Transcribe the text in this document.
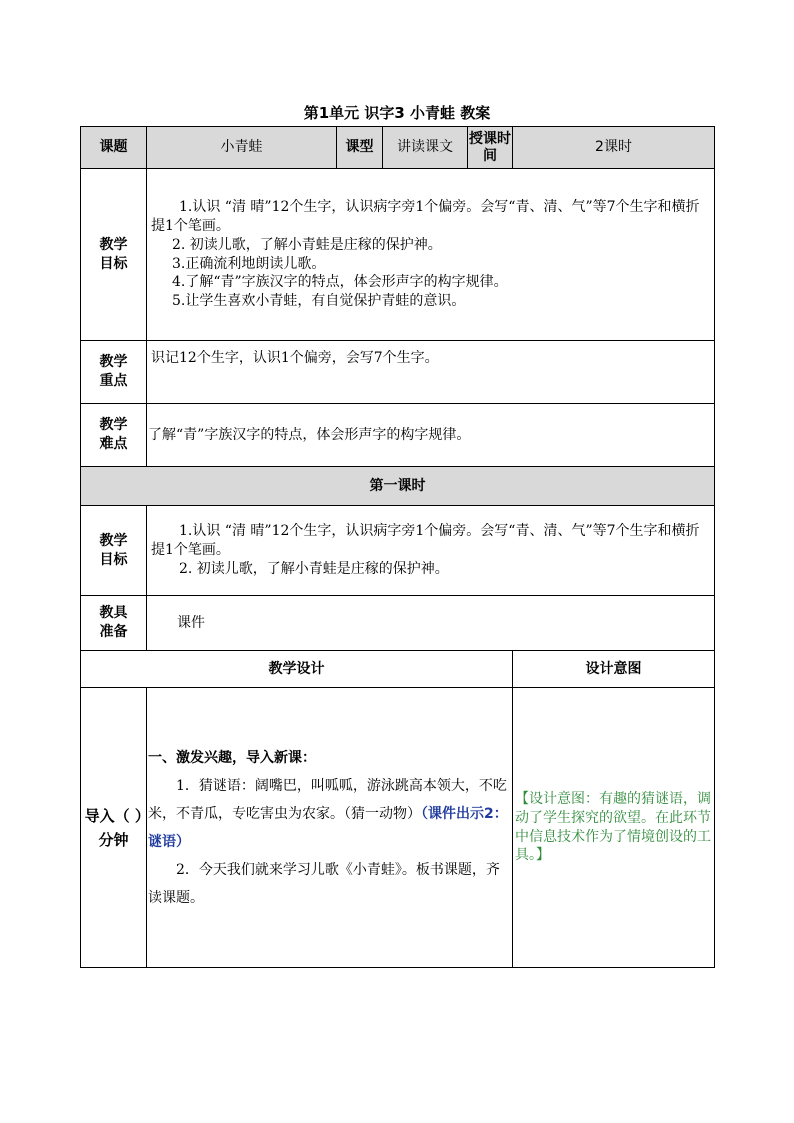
第1单元 识字3 小青蛙 教案
课题	小青蛙	课型	讲读课文	授课时间	2课时

教学目标	1.认识 “清 晴”12个生字，认识病字旁1个偏旁。会写“青、清、气”等7个生字和横折提1个笔画。

2. 初读儿歌，了解小青蛙是庄稼的保护神。

3.正确流利地朗读儿歌。

4.了解“青”字族汉字的特点，体会形声字的构字规律。

5.让学生喜欢小青蛙，有自觉保护青蛙的意识。				

教学重点	识记12个生字，认识1个偏旁，会写7个生字。				

教学难点	了解“青”字族汉字的特点，体会形声字的构字规律。				
第一课时					

教学目标	1.认识 “清 晴”12个生字，认识病字旁1个偏旁。会写“青、清、气”等7个生字和横折提1个笔画。

2. 初读儿歌，了解小青蛙是庄稼的保护神。				

教具准备	课件				
教学设计					设计意图
导入（ ）分钟	一、激发兴趣，导入新课：

1．猜谜语：阔嘴巴，叫呱呱，游泳跳高本领大，不吃米，不青瓜，专吃害虫为农家。（猜一动物）（课件出示2：谜语）

2．今天我们就来学习儿歌《小青蛙》。板书课题，齐读课题。				【设计意图：有趣的猜谜语，调动了学生探究的欲望。在此环节中信息技术作为了情境创设的工具。】
